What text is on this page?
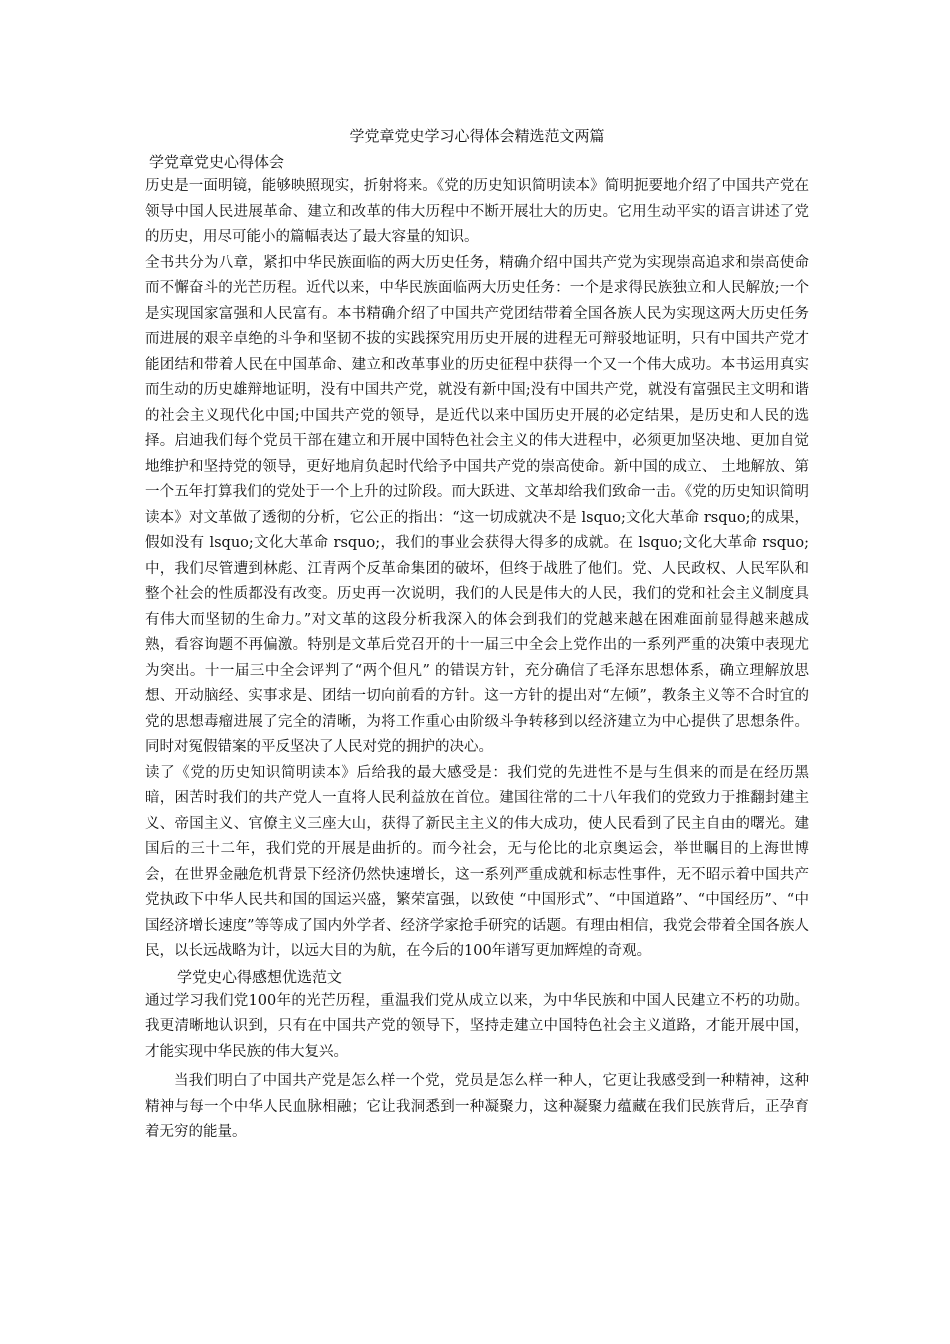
学党章党史学习心得体会精选范文两篇
学党章党史心得体会

历史是一面明镜，能够映照现实，折射将来。《党的历史知识简明读本》简明扼要地介绍了中国共产党在领导中国人民进展革命、建立和改革的伟大历程中不断开展壮大的历史。它用生动平实的语言讲述了党的历史，用尽可能小的篇幅表达了最大容量的知识。

全书共分为八章，紧扣中华民族面临的两大历史任务，精确介绍中国共产党为实现崇高追求和崇高使命而不懈奋斗的光芒历程。近代以来，中华民族面临两大历史任务：一个是求得民族独立和人民解放;一个是实现国家富强和人民富有。本书精确介绍了中国共产党团结带着全国各族人民为实现这两大历史任务而进展的艰辛卓绝的斗争和坚韧不拔的实践探究用历史开展的进程无可辩驳地证明，只有中国共产党才能团结和带着人民在中国革命、建立和改革事业的历史征程中获得一个又一个伟大成功。本书运用真实而生动的历史雄辩地证明，没有中国共产党，就没有新中国;没有中国共产党，就没有富强民主文明和谐的社会主义现代化中国;中国共产党的领导，是近代以来中国历史开展的必定结果，是历史和人民的选择。启迪我们每个党员干部在建立和开展中国特色社会主义的伟大进程中，必须更加坚决地、更加自觉地维护和坚持党的领导，更好地肩负起时代给予中国共产党的崇高使命。新中国的成立、 土地解放、第一个五年打算我们的党处于一个上升的过阶段。而大跃进、文革却给我们致命一击。《党的历史知识简明读本》对文革做了透彻的分析，它公正的指出：“这一切成就决不是 lsquo;文化大革命 rsquo;的成果，假如没有 lsquo;文化大革命 rsquo;，我们的事业会获得大得多的成就。在 lsquo;文化大革命 rsquo;中，我们尽管遭到林彪、江青两个反革命集团的破坏，但终于战胜了他们。党、人民政权、人民军队和整个社会的性质都没有改变。历史再一次说明，我们的人民是伟大的人民，我们的党和社会主义制度具有伟大而坚韧的生命力。”对文革的这段分析我深入的体会到我们的党越来越在困难面前显得越来越成熟，看容询题不再偏激。特别是文革后党召开的十一届三中全会上党作出的一系列严重的决策中表现尤为突出。十一届三中全会评判了“两个但凡” 的错误方针，充分确信了毛泽东思想体系，确立理解放思想、开动脑经、实事求是、团结一切向前看的方针。这一方针的提出对“左倾”，教条主义等不合时宜的党的思想毒瘤进展了完全的清晰，为将工作重心由阶级斗争转移到以经济建立为中心提供了思想条件。同时对冤假错案的平反坚决了人民对党的拥护的决心。

读了《党的历史知识简明读本》后给我的最大感受是：我们党的先进性不是与生俱来的而是在经历黑暗，困苦时我们的共产党人一直将人民利益放在首位。建国往常的二十八年我们的党致力于推翻封建主义、帝国主义、官僚主义三座大山，获得了新民主主义的伟大成功，使人民看到了民主自由的曙光。建国后的三十二年，我们党的开展是曲折的。而今社会，无与伦比的北京奥运会，举世瞩目的上海世博会，在世界金融危机背景下经济仍然快速增长，这一系列严重成就和标志性事件，无不昭示着中国共产党执政下中华人民共和国的国运兴盛，繁荣富强，以致使 “中国形式”、“中国道路”、“中国经历”、“中国经济增长速度”等等成了国内外学者、经济学家抢手研究的话题。有理由相信，我党会带着全国各族人民，以长远战略为计，以远大目的为航，在今后的100年谱写更加辉煌的奇观。

学党史心得感想优选范文

通过学习我们党100年的光芒历程，重温我们党从成立以来，为中华民族和中国人民建立不朽的功勋。我更清晰地认识到，只有在中国共产党的领导下，坚持走建立中国特色社会主义道路，才能开展中国，才能实现中华民族的伟大复兴。

当我们明白了中国共产党是怎么样一个党，党员是怎么样一种人，它更让我感受到一种精神，这种精神与每一个中华人民血脉相融；它让我洞悉到一种凝聚力，这种凝聚力蕴藏在我们民族背后，正孕育着无穷的能量。
